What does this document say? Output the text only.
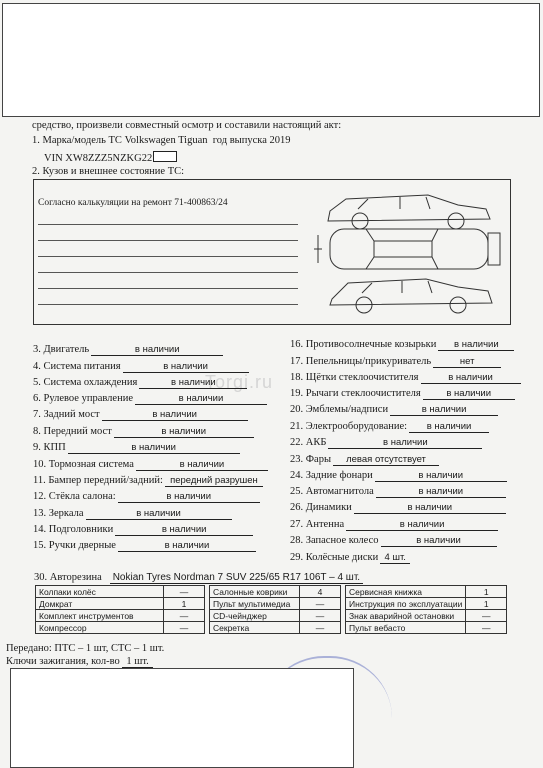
средство, произвели совместный осмотр и составили настоящий акт:
1. Марка/модель ТС Volkswagen Tiguan год выпуска 2019
VIN XW8ZZZ5NZKG22
2. Кузов и внешнее состояние ТС:
Согласно калькуляции на ремонт 71-400863/24
Torgi.ru
3. Двигатель	в наличии
4. Система питания	в наличии
5. Система охлаждения	в наличии
6. Рулевое управление	в наличии
7. Задний мост	в наличии
8. Передний мост	в наличии
9. КПП	в наличии
10. Тормозная система	в наличии
11. Бампер передний/задний: передний разрушен
12. Стёкла салона:	в наличии
13. Зеркала	в наличии
14. Подголовники	в наличии
15. Ручки дверные	в наличии
16. Противосолнечные козырьки в наличии
17. Пепельницы/прикуриватель	нет
18. Щётки стеклоочистителя	в наличии
19. Рычаги стеклоочистителя	в наличии
20. Эмблемы/надписи	в наличии
21. Электрооборудование: в наличии
22. АКБ	в наличии
23. Фары левая отсутствует
24. Задние фонари	в наличии
25. Автомагнитола	в наличии
26. Динамики	в наличии
27. Антенна	в наличии
28. Запасное колесо	в наличии
29. Колёсные диски 4 шт.
30. Авторезина Nokian Tyres Nordman 7 SUV 225/65 R17 106T – 4 шт.
Колпаки колёс	—
Домкрат	1
Комплект инструментов	—
Компрессор	—
Салонные коврики	4
Пульт мультимедиа	—
CD-чейнджер	—
Секретка	—
Сервисная книжка	1
Инструкция по эксплуатации	1
Знак аварийной остановки	—
Пульт вебасто	—
Передано: ПТС – 1 шт, СТС – 1 шт.
Ключи зажигания, кол-во 1 шт.
